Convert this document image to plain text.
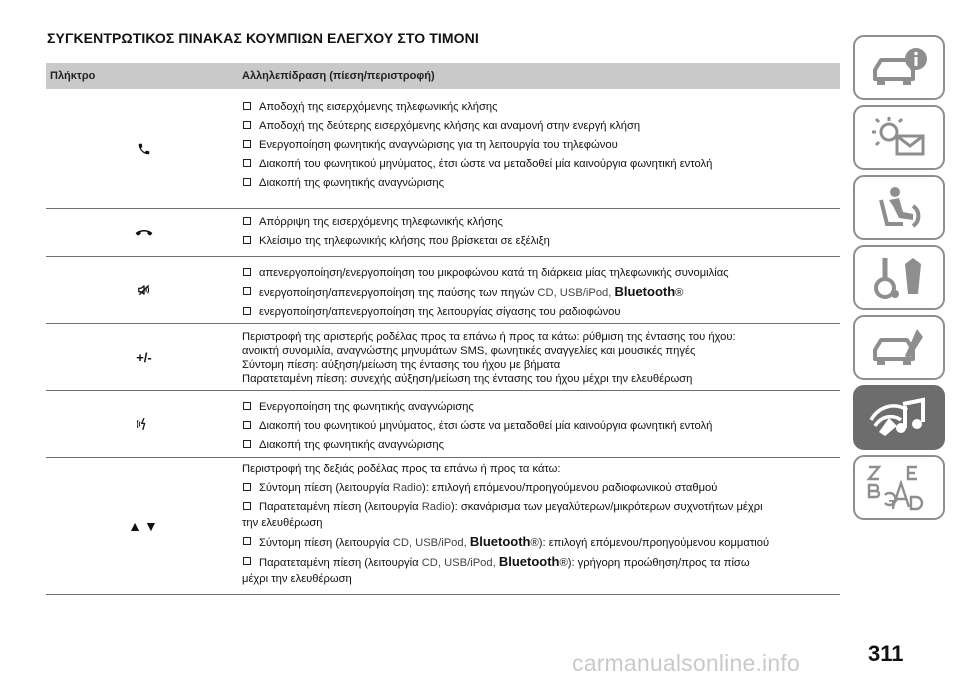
ΣΥΓΚΕΝΤΡΩΤΙΚΟΣ ΠΙΝΑΚΑΣ ΚΟΥΜΠΙΩΝ ΕΛΕΓΧΟΥ ΣΤΟ ΤΙΜΟΝΙ
Πλήκτρο	Αλληλεπίδραση (πίεση/περιστροφή)
Αποδοχή της εισερχόμενης τηλεφωνικής κλήσης
Αποδοχή της δεύτερης εισερχόμενης κλήσης και αναμονή στην ενεργή κλήση
Ενεργοποίηση φωνητικής αναγνώρισης για τη λειτουργία του τηλεφώνου
Διακοπή του φωνητικού μηνύματος, έτσι ώστε να μεταδοθεί μία καινούργια φωνητική εντολή
Διακοπή της φωνητικής αναγνώρισης
Απόρριψη της εισερχόμενης τηλεφωνικής κλήσης
Κλείσιμο της τηλεφωνικής κλήσης που βρίσκεται σε εξέλιξη
απενεργοποίηση/ενεργοποίηση του μικροφώνου κατά τη διάρκεια μίας τηλεφωνικής συνομιλίας
ενεργοποίηση/απενεργοποίηση της παύσης των πηγών CD, USB/iPod, Bluetooth®
ενεργοποίηση/απενεργοποίηση της λειτουργίας σίγασης του ραδιοφώνου
+/-
Περιστροφή της αριστερής ροδέλας προς τα επάνω ή προς τα κάτω: ρύθμιση της έντασης του ήχου:
ανοικτή συνομιλία, αναγνώστης μηνυμάτων SMS, φωνητικές αναγγελίες και μουσικές πηγές
Σύντομη πίεση: αύξηση/μείωση της έντασης του ήχου με βήματα
Παρατεταμένη πίεση: συνεχής αύξηση/μείωση της έντασης του ήχου μέχρι την ελευθέρωση
Ενεργοποίηση της φωνητικής αναγνώρισης
Διακοπή του φωνητικού μηνύματος, έτσι ώστε να μεταδοθεί μία καινούργια φωνητική εντολή
Διακοπή της φωνητικής αναγνώρισης
▲▼
Περιστροφή της δεξιάς ροδέλας προς τα επάνω ή προς τα κάτω:
Σύντομη πίεση (λειτουργία Radio): επιλογή επόμενου/προηγούμενου ραδιοφωνικού σταθμού
Παρατεταμένη πίεση (λειτουργία Radio): σκανάρισμα των μεγαλύτερων/μικρότερων συχνοτήτων μέχρι
την ελευθέρωση
Σύντομη πίεση (λειτουργία CD, USB/iPod, Bluetooth®): επιλογή επόμενου/προηγούμενου κομματιού
Παρατεταμένη πίεση (λειτουργία CD, USB/iPod, Bluetooth®): γρήγορη προώθηση/προς τα πίσω
μέχρι την ελευθέρωση
T
311
carmanualsonline.info
